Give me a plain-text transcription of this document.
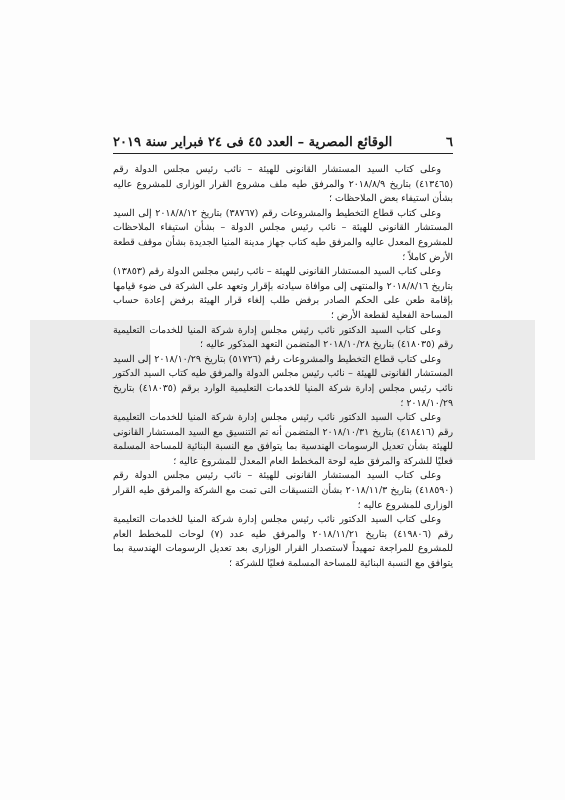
٦
الوقائع المصرية – العدد ٤٥ فى ٢٤ فبراير سنة ٢٠١٩

وعلى كتاب السيد المستشار القانونى للهيئة – نائب رئيس مجلس الدولة رقم (٤١٣٤٦٥) بتاريخ ٢٠١٨/٨/٩ والمرفق طيه ملف مشروع القرار الوزارى للمشروع عاليه بشأن استيفاء بعض الملاحظات ؛

وعلى كتاب قطاع التخطيط والمشروعات رقم (٣٨٧٦٧) بتاريخ ٢٠١٨/٨/١٢ إلى السيد المستشار القانونى للهيئة – نائب رئيس مجلس الدولة – بشأن استيفاء الملاحظات للمشروع المعدل عاليه والمرفق طيه كتاب جهاز مدينة المنيا الجديدة بشأن موقف قطعة الأرض كاملاً ؛

وعلى كتاب السيد المستشار القانونى للهيئة – نائب رئيس مجلس الدولة رقم (١٣٨٥٣) بتاريخ ٢٠١٨/٨/١٦ والمنتهى إلى موافاة سيادته بإقرار وتعهد على الشركة فى ضوء قيامها بإقامة طعن على الحكم الصادر برفض طلب إلغاء قرار الهيئة برفض إعادة حساب المساحة الفعلية لقطعة الأرض ؛

وعلى كتاب السيد الدكتور نائب رئيس مجلس إدارة شركة المنيا للخدمات التعليمية رقم (٤١٨٠٣٥) بتاريخ ٢٠١٨/١٠/٢٨ المتضمن التعهد المذكور عاليه ؛

وعلى كتاب قطاع التخطيط والمشروعات رقم (٥١٧٢٦) بتاريخ ٢٠١٨/١٠/٢٩ إلى السيد المستشار القانونى للهيئة – نائب رئيس مجلس الدولة والمرفق طيه كتاب السيد الدكتور نائب رئيس مجلس إدارة شركة المنيا للخدمات التعليمية الوارد برقم (٤١٨٠٣٥) بتاريخ ٢٠١٨/١٠/٢٩ ؛

وعلى كتاب السيد الدكتور نائب رئيس مجلس إدارة شركة المنيا للخدمات التعليمية رقم (٤١٨٤١٦) بتاريخ ٢٠١٨/١٠/٣١ المتضمن أنه تم التنسيق مع السيد المستشار القانونى للهيئة بشأن تعديل الرسومات الهندسية بما يتوافق مع النسبة البنائية للمساحة المسلمة فعليًا للشركة والمرفق طيه لوحة المخطط العام المعدل للمشروع عاليه ؛

وعلى كتاب السيد المستشار القانونى للهيئة – نائب رئيس مجلس الدولة رقم (٤١٨٥٩٠) بتاريخ ٢٠١٨/١١/٣ بشأن التنسيقات التى تمت مع الشركة والمرفق طيه القرار الوزارى للمشروع عاليه ؛

وعلى كتاب السيد الدكتور نائب رئيس مجلس إدارة شركة المنيا للخدمات التعليمية رقم (٤١٩٨٠٦) بتاريخ ٢٠١٨/١١/٢١ والمرفق طيه عدد (٧) لوحات للمخطط العام للمشروع للمراجعة تمهيداً لاستصدار القرار الوزارى بعد تعديل الرسومات الهندسية بما يتوافق مع النسبة البنائية للمساحة المسلمة فعليًا للشركة ؛
